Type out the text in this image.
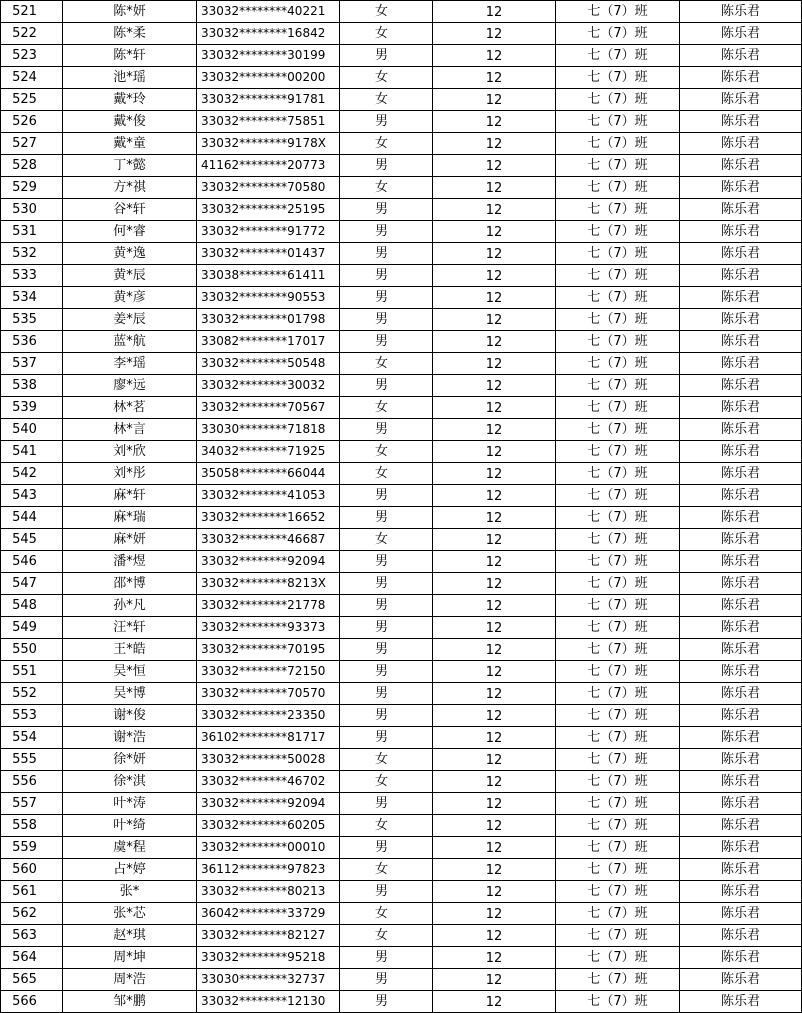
521	陈*妍	33032********40221	女	12	七（7）班	陈乐君
522	陈*柔	33032********16842	女	12	七（7）班	陈乐君
523	陈*轩	33032********30199	男	12	七（7）班	陈乐君
524	池*瑶	33032********00200	女	12	七（7）班	陈乐君
525	戴*玲	33032********91781	女	12	七（7）班	陈乐君
526	戴*俊	33032********75851	男	12	七（7）班	陈乐君
527	戴*童	33032********9178X	女	12	七（7）班	陈乐君
528	丁*懿	41162********20773	男	12	七（7）班	陈乐君
529	方*祺	33032********70580	女	12	七（7）班	陈乐君
530	谷*轩	33032********25195	男	12	七（7）班	陈乐君
531	何*睿	33032********91772	男	12	七（7）班	陈乐君
532	黄*逸	33032********01437	男	12	七（7）班	陈乐君
533	黄*辰	33038********61411	男	12	七（7）班	陈乐君
534	黄*彦	33032********90553	男	12	七（7）班	陈乐君
535	姜*辰	33032********01798	男	12	七（7）班	陈乐君
536	蓝*航	33082********17017	男	12	七（7）班	陈乐君
537	李*瑶	33032********50548	女	12	七（7）班	陈乐君
538	廖*远	33032********30032	男	12	七（7）班	陈乐君
539	林*茗	33032********70567	女	12	七（7）班	陈乐君
540	林*言	33030********71818	男	12	七（7）班	陈乐君
541	刘*欣	34032********71925	女	12	七（7）班	陈乐君
542	刘*彤	35058********66044	女	12	七（7）班	陈乐君
543	麻*轩	33032********41053	男	12	七（7）班	陈乐君
544	麻*瑞	33032********16652	男	12	七（7）班	陈乐君
545	麻*妍	33032********46687	女	12	七（7）班	陈乐君
546	潘*煜	33032********92094	男	12	七（7）班	陈乐君
547	邵*博	33032********8213X	男	12	七（7）班	陈乐君
548	孙*凡	33032********21778	男	12	七（7）班	陈乐君
549	汪*轩	33032********93373	男	12	七（7）班	陈乐君
550	王*皓	33032********70195	男	12	七（7）班	陈乐君
551	吴*恒	33032********72150	男	12	七（7）班	陈乐君
552	吴*博	33032********70570	男	12	七（7）班	陈乐君
553	谢*俊	33032********23350	男	12	七（7）班	陈乐君
554	谢*浩	36102********81717	男	12	七（7）班	陈乐君
555	徐*妍	33032********50028	女	12	七（7）班	陈乐君
556	徐*淇	33032********46702	女	12	七（7）班	陈乐君
557	叶*涛	33032********92094	男	12	七（7）班	陈乐君
558	叶*绮	33032********60205	女	12	七（7）班	陈乐君
559	虞*程	33032********00010	男	12	七（7）班	陈乐君
560	占*婷	36112********97823	女	12	七（7）班	陈乐君
561	张*	33032********80213	男	12	七（7）班	陈乐君
562	张*芯	36042********33729	女	12	七（7）班	陈乐君
563	赵*琪	33032********82127	女	12	七（7）班	陈乐君
564	周*坤	33032********95218	男	12	七（7）班	陈乐君
565	周*浩	33030********32737	男	12	七（7）班	陈乐君
566	邹*鹏	33032********12130	男	12	七（7）班	陈乐君
